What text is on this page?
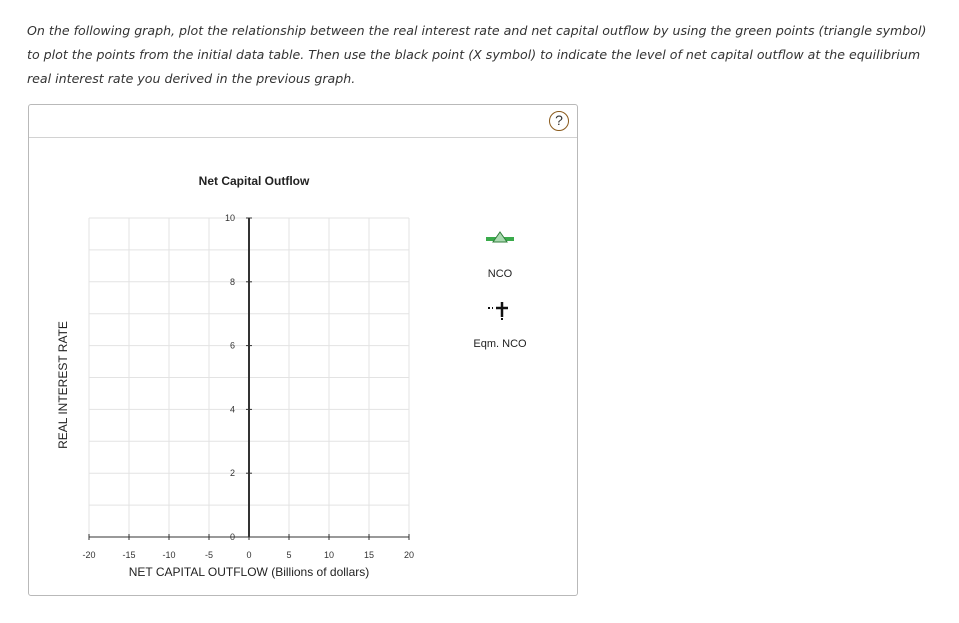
On the following graph, plot the relationship between the real interest rate and net capital outflow by using the green points (triangle symbol) to plot the points from the initial data table. Then use the black point (X symbol) to indicate the level of net capital outflow at the equilibrium real interest rate you derived in the previous graph.

?
Net Capital Outflow
-20	-15	-10	-5	0	5	10	15	20
0
2
4
6
8
10
REAL INTEREST RATE
NET CAPITAL OUTFLOW (Billions of dollars)
NCO
Eqm. NCO
